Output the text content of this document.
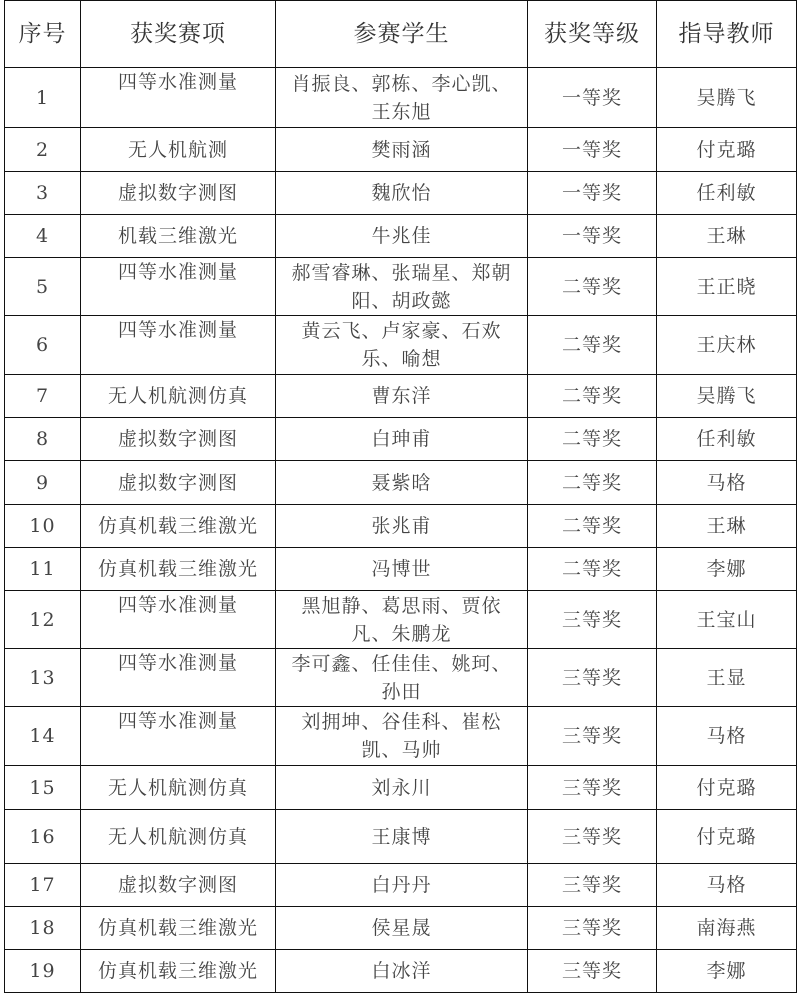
序号	获奖赛项	参赛学生	获奖等级	指导教师
1	四等水准测量	肖振良、郭栋、李心凯、王东旭	一等奖	吴腾飞
2	无人机航测	樊雨涵	一等奖	付克璐
3	虚拟数字测图	魏欣怡	一等奖	任利敏
4	机载三维激光	牛兆佳	一等奖	王琳
5	四等水准测量	郝雪睿琳、张瑞星、郑朝阳、胡政懿	二等奖	王正晓
6	四等水准测量	黄云飞、卢家豪、石欢乐、喻想	二等奖	王庆林
7	无人机航测仿真	曹东洋	二等奖	吴腾飞
8	虚拟数字测图	白珅甫	二等奖	任利敏
9	虚拟数字测图	聂紫晗	二等奖	马格
10	仿真机载三维激光	张兆甫	二等奖	王琳
11	仿真机载三维激光	冯博世	二等奖	李娜
12	四等水准测量	黑旭静、葛思雨、贾依凡、朱鹏龙	三等奖	王宝山
13	四等水准测量	李可鑫、任佳佳、姚珂、孙田	三等奖	王显
14	四等水准测量	刘拥坤、谷佳科、崔松凯、马帅	三等奖	马格
15	无人机航测仿真	刘永川	三等奖	付克璐
16	无人机航测仿真	王康博	三等奖	付克璐
17	虚拟数字测图	白丹丹	三等奖	马格
18	仿真机载三维激光	侯星晟	三等奖	南海燕
19	仿真机载三维激光	白冰洋	三等奖	李娜
